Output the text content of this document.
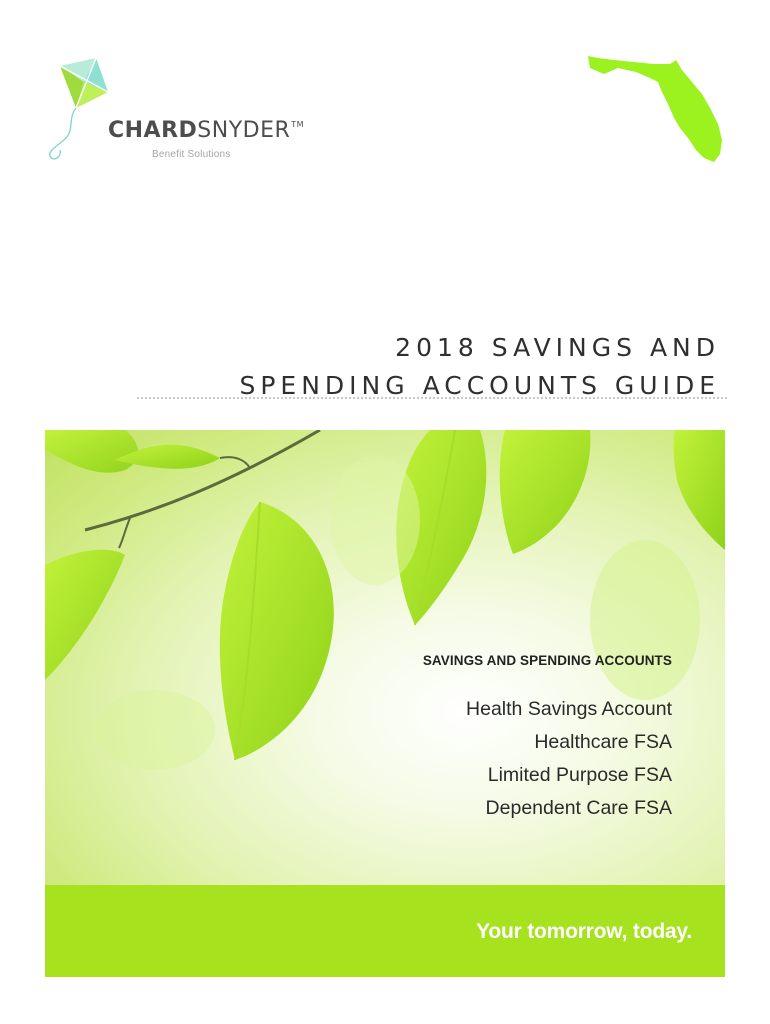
CHARDSNYDER™
Benefit Solutions
2018 SAVINGS AND
SPENDING ACCOUNTS GUIDE
SAVINGS AND SPENDING ACCOUNTS
Health Savings Account
Healthcare FSA
Limited Purpose FSA
Dependent Care FSA
Your tomorrow, today.
